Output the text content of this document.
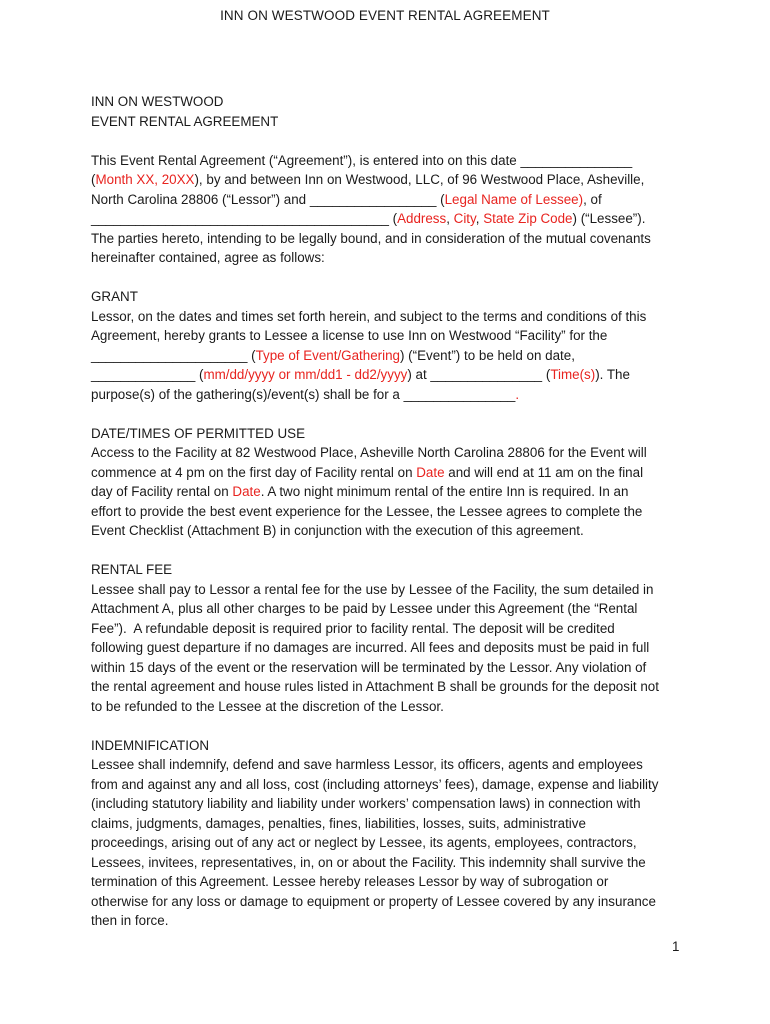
INN ON WESTWOOD EVENT RENTAL AGREEMENT
INN ON WESTWOOD
EVENT RENTAL AGREEMENT
This Event Rental Agreement (“Agreement”), is entered into on this date _______________
(Month XX, 20XX), by and between Inn on Westwood, LLC, of 96 Westwood Place, Asheville,
North Carolina 28806 (“Lessor”) and _________________ (Legal Name of Lessee), of
________________________________________ (Address, City, State Zip Code) (“Lessee”).
The parties hereto, intending to be legally bound, and in consideration of the mutual covenants
hereinafter contained, agree as follows:
GRANT
Lessor, on the dates and times set forth herein, and subject to the terms and conditions of this
Agreement, hereby grants to Lessee a license to use Inn on Westwood “Facility” for the
_____________________ (Type of Event/Gathering) (“Event”) to be held on date,
______________ (mm/dd/yyyy or mm/dd1 - dd2/yyyy) at _______________ (Time(s)). The
purpose(s) of the gathering(s)/event(s) shall be for a _______________.
DATE/TIMES OF PERMITTED USE
Access to the Facility at 82 Westwood Place, Asheville North Carolina 28806 for the Event will
commence at 4 pm on the first day of Facility rental on Date and will end at 11 am on the final
day of Facility rental on Date. A two night minimum rental of the entire Inn is required. In an
effort to provide the best event experience for the Lessee, the Lessee agrees to complete the
Event Checklist (Attachment B) in conjunction with the execution of this agreement.
RENTAL FEE
Lessee shall pay to Lessor a rental fee for the use by Lessee of the Facility, the sum detailed in
Attachment A, plus all other charges to be paid by Lessee under this Agreement (the “Rental
Fee”).  A refundable deposit is required prior to facility rental. The deposit will be credited
following guest departure if no damages are incurred. All fees and deposits must be paid in full
within 15 days of the event or the reservation will be terminated by the Lessor. Any violation of
the rental agreement and house rules listed in Attachment B shall be grounds for the deposit not
to be refunded to the Lessee at the discretion of the Lessor.
INDEMNIFICATION
Lessee shall indemnify, defend and save harmless Lessor, its officers, agents and employees
from and against any and all loss, cost (including attorneys’ fees), damage, expense and liability
(including statutory liability and liability under workers’ compensation laws) in connection with
claims, judgments, damages, penalties, fines, liabilities, losses, suits, administrative
proceedings, arising out of any act or neglect by Lessee, its agents, employees, contractors,
Lessees, invitees, representatives, in, on or about the Facility. This indemnity shall survive the
termination of this Agreement. Lessee hereby releases Lessor by way of subrogation or
otherwise for any loss or damage to equipment or property of Lessee covered by any insurance
then in force.
1
